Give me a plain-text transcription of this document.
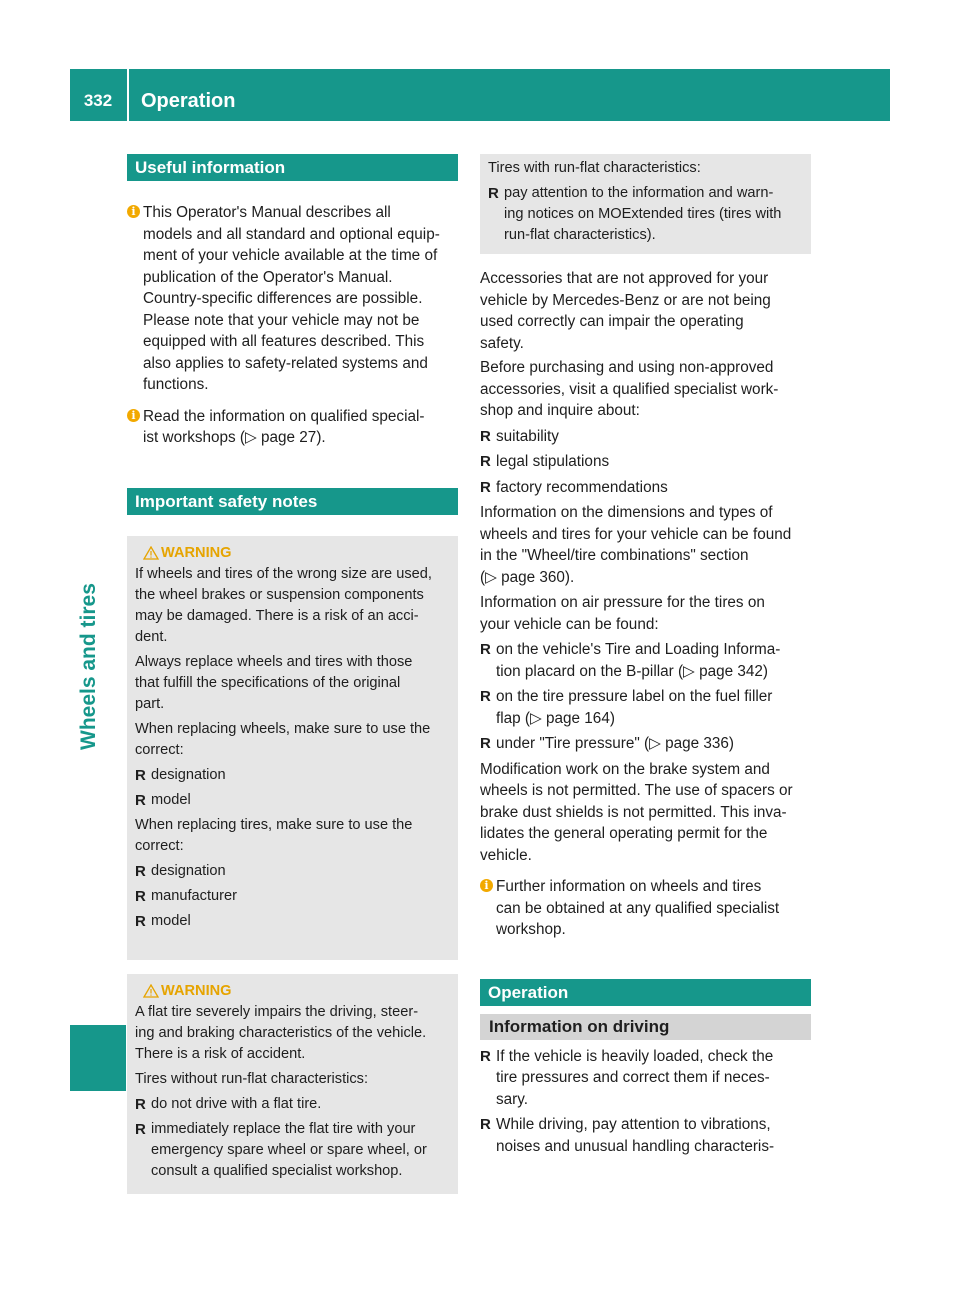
332	Operation
Wheels and tires
Useful information
i This Operator's Manual describes all
models and all standard and optional equip-
ment of your vehicle available at the time of
publication of the Operator's Manual.
Country-specific differences are possible.
Please note that your vehicle may not be
equipped with all features described. This
also applies to safety-related systems and
functions.
i Read the information on qualified special-
ist workshops (▷ page 27).
Important safety notes
WARNING
If wheels and tires of the wrong size are used,
the wheel brakes or suspension components
may be damaged. There is a risk of an acci-
dent.
Always replace wheels and tires with those
that fulfill the specifications of the original
part.
When replacing wheels, make sure to use the
correct:
R designation
R model
When replacing tires, make sure to use the
correct:
R designation
R manufacturer
R model
WARNING
A flat tire severely impairs the driving, steer-
ing and braking characteristics of the vehicle.
There is a risk of accident.
Tires without run-flat characteristics:
R do not drive with a flat tire.
R immediately replace the flat tire with your
emergency spare wheel or spare wheel, or
consult a qualified specialist workshop.
Tires with run-flat characteristics:
R pay attention to the information and warn-
ing notices on MOExtended tires (tires with
run-flat characteristics).
Accessories that are not approved for your
vehicle by Mercedes-Benz or are not being
used correctly can impair the operating
safety.
Before purchasing and using non-approved
accessories, visit a qualified specialist work-
shop and inquire about:
R suitability
R legal stipulations
R factory recommendations
Information on the dimensions and types of
wheels and tires for your vehicle can be found
in the "Wheel/tire combinations" section
(▷ page 360).
Information on air pressure for the tires on
your vehicle can be found:
R on the vehicle's Tire and Loading Informa-
tion placard on the B-pillar (▷ page 342)
R on the tire pressure label on the fuel filler
flap (▷ page 164)
R under "Tire pressure" (▷ page 336)
Modification work on the brake system and
wheels is not permitted. The use of spacers or
brake dust shields is not permitted. This inva-
lidates the general operating permit for the
vehicle.
i Further information on wheels and tires
can be obtained at any qualified specialist
workshop.
Operation
Information on driving
R If the vehicle is heavily loaded, check the
tire pressures and correct them if neces-
sary.
R While driving, pay attention to vibrations,
noises and unusual handling characteris-
